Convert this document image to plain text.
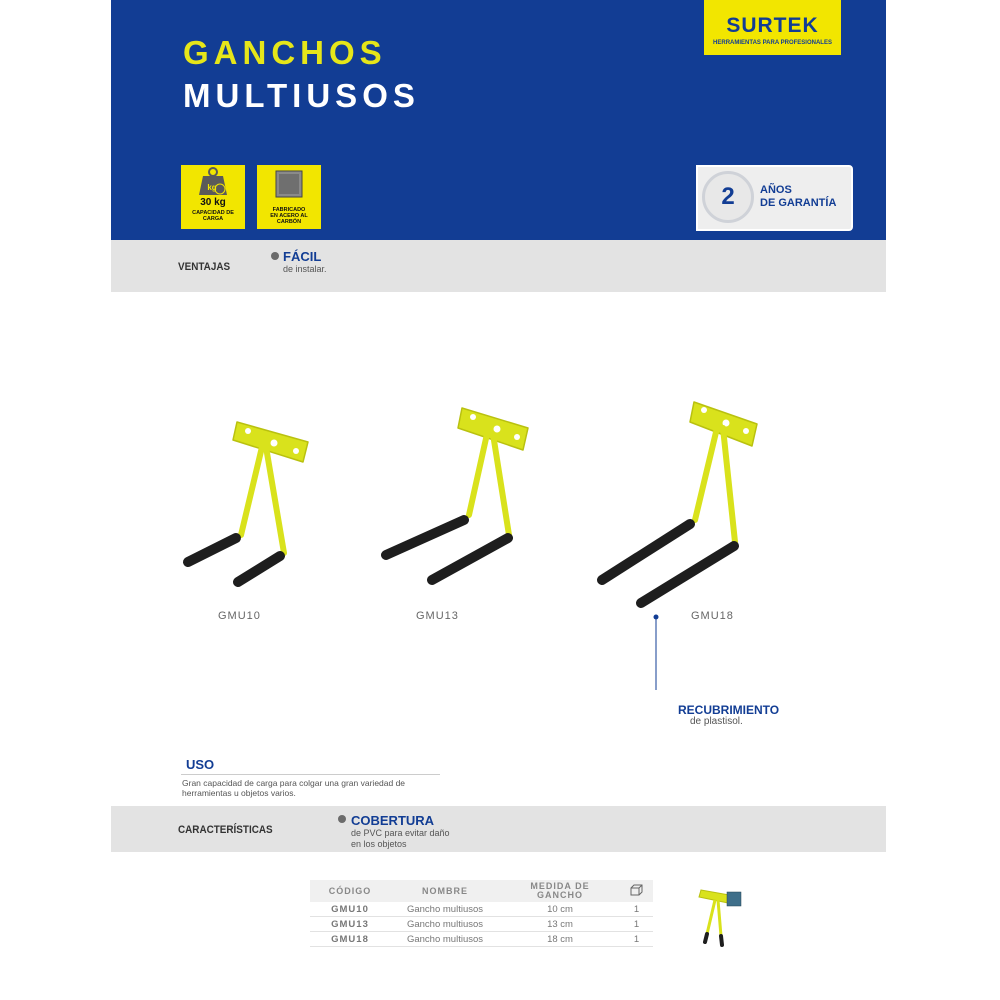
GANCHOS
MULTIUSOS
SURTEK
HERRAMIENTAS PARA PROFESIONALES
kg
30 kg
CAPACIDAD DE CARGA
FABRICADO
EN ACERO AL
CARBÓN
2	AÑOS
DE GARANTÍA
VENTAJAS
FÁCIL
de instalar.
GMU10	GMU13	GMU18
RECUBRIMIENTO
de plastisol.
USO
Gran capacidad de carga para colgar una gran variedad de
herramientas u objetos varios.
CARACTERÍSTICAS
COBERTURA
de PVC para evitar daño
en los objetos
CÓDIGO	NOMBRE	MEDIDA DE
GANCHO

GMU10	Gancho multiusos	10 cm	1
GMU13	Gancho multiusos	13 cm	1
GMU18	Gancho multiusos	18 cm	1
